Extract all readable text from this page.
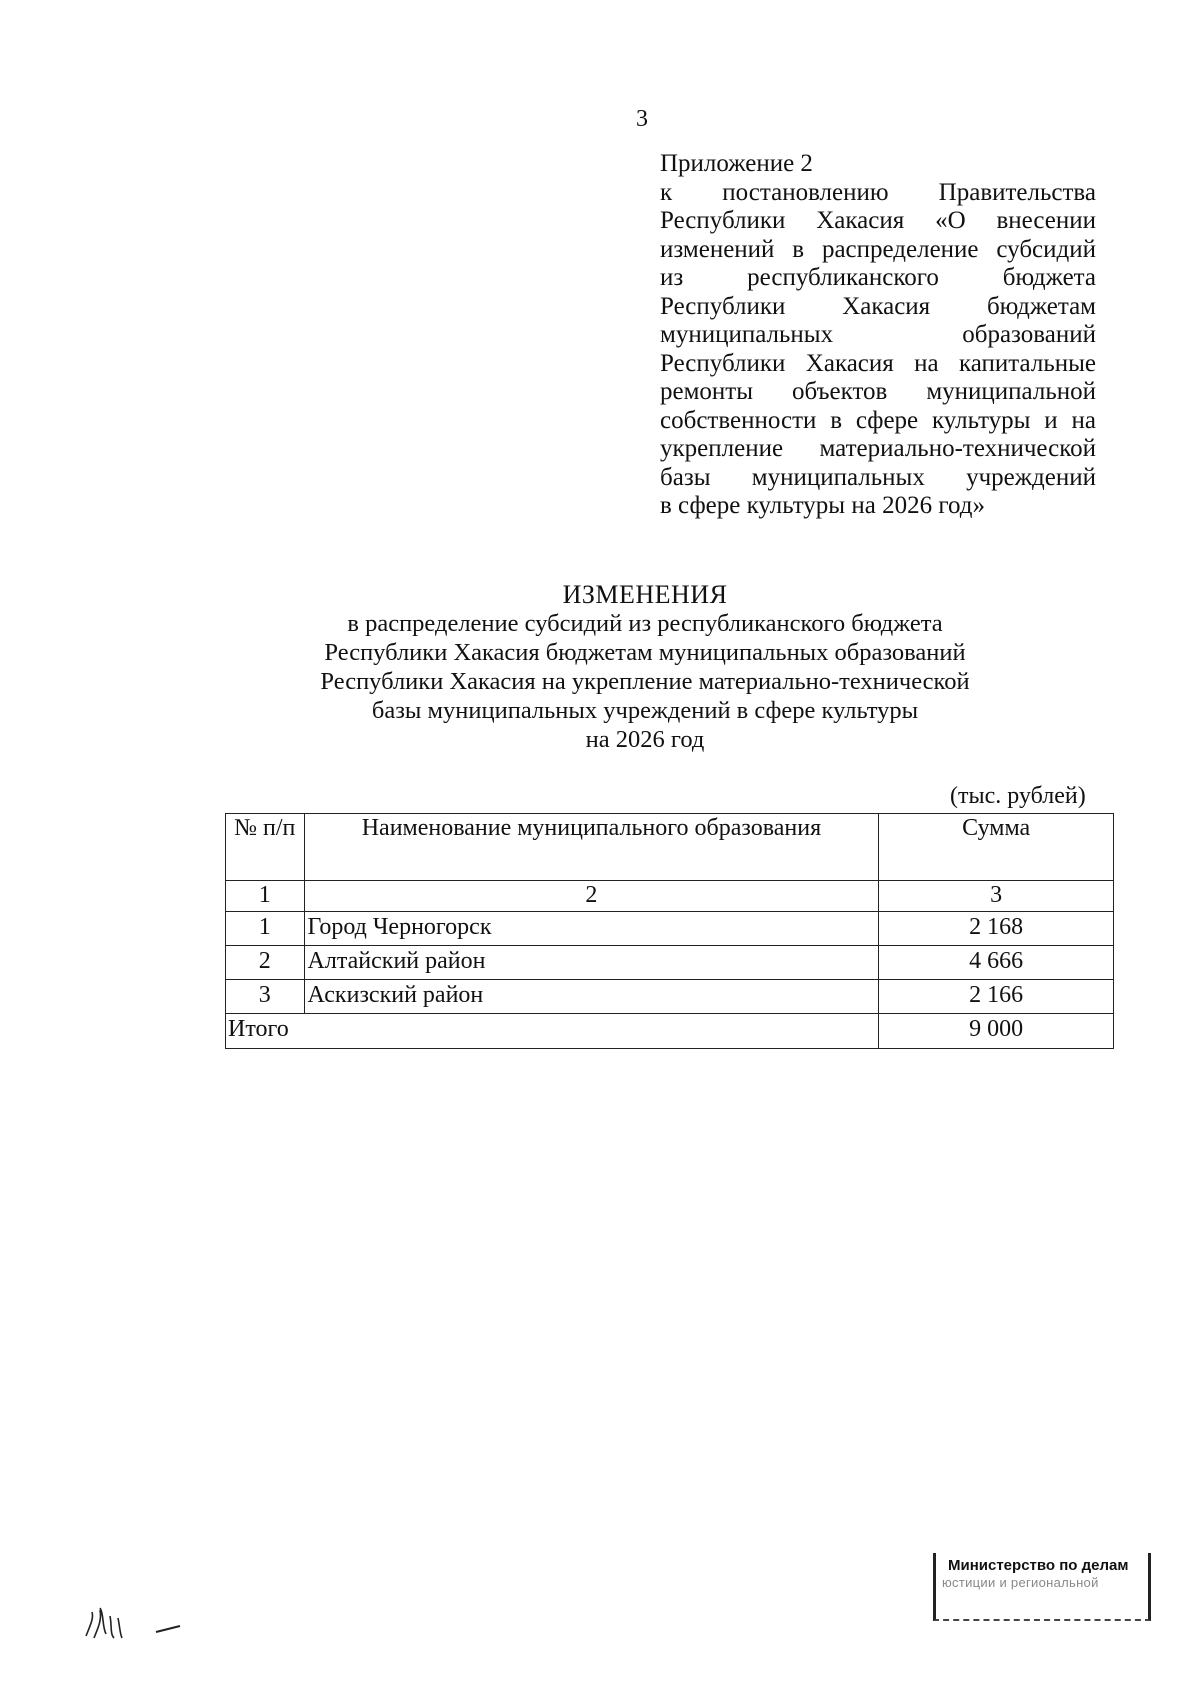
3
Приложение 2
к постановлению Правительства
Республики Хакасия «О внесении
изменений в распределение субсидий
из республиканского бюджета
Республики Хакасия бюджетам
муниципальных образований
Республики Хакасия на капитальные
ремонты объектов муниципальной
собственности в сфере культуры и на
укрепление материально-технической
базы муниципальных учреждений
в сфере культуры на 2026 год»
ИЗМЕНЕНИЯ
в распределение субсидий из республиканского бюджета
Республики Хакасия бюджетам муниципальных образований
Республики Хакасия на укрепление материально-технической
базы муниципальных учреждений в сфере культуры
на 2026 год
(тыс. рублей)
№ п/п	Наименование муниципального образования	Сумма
1	2	3
1	Город Черногорск	2 168
2	Алтайский район	4 666
3	Аскизский район	2 166
Итого		9 000
Министерство по делам
юстиции и региональной
